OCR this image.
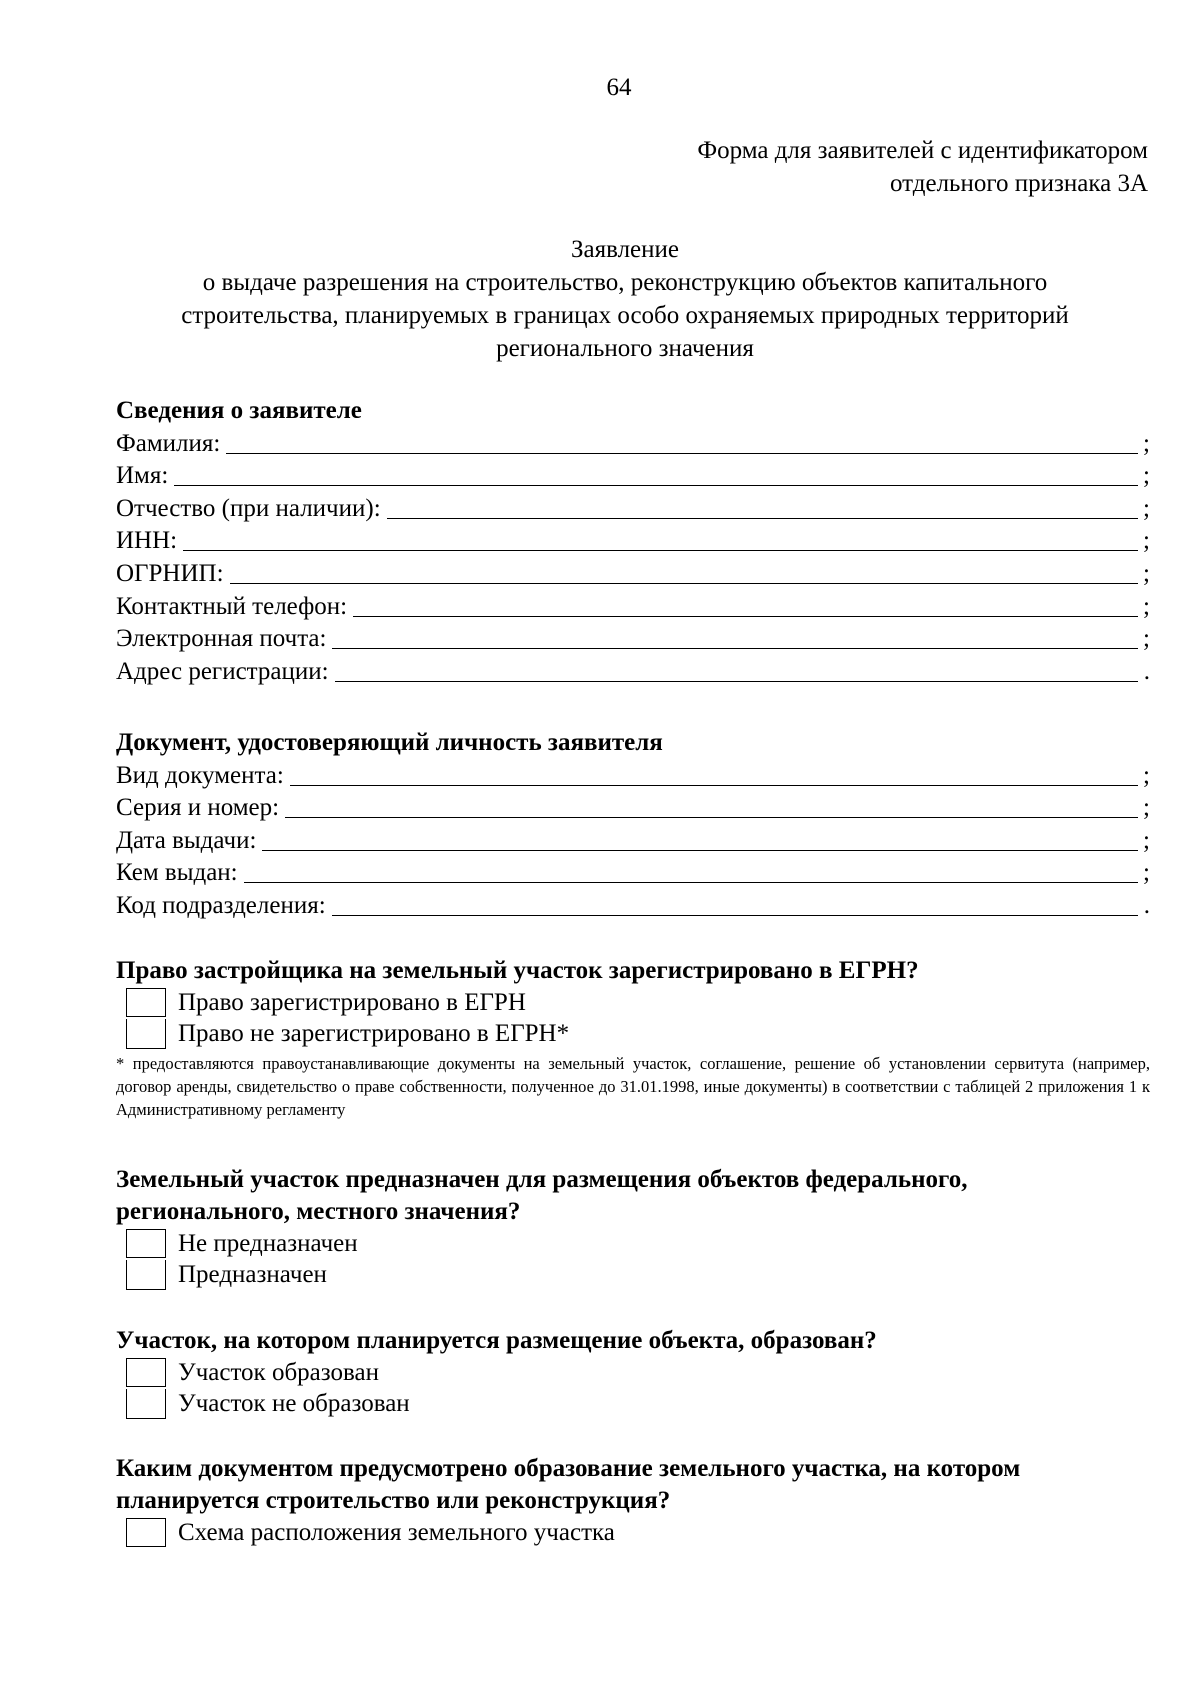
64
Форма для заявителей с идентификатором
отдельного признака 3А
Заявление
о выдаче разрешения на строительство, реконструкцию объектов капитального
строительства, планируемых в границах особо охраняемых природных территорий
регионального значения
Сведения о заявителе
Фамилия:	;
Имя:	;
Отчество (при наличии):	;
ИНН:	;
ОГРНИП:	;
Контактный телефон:	;
Электронная почта:	;
Адрес регистрации:	.
Документ, удостоверяющий личность заявителя
Вид документа:	;
Серия и номер:	;
Дата выдачи:	;
Кем выдан:	;
Код подразделения:	.
Право застройщика на земельный участок зарегистрировано в ЕГРН?
Право зарегистрировано в ЕГРН
Право не зарегистрировано в ЕГРН*
* предоставляются правоустанавливающие документы на земельный участок, соглашение, решение об установлении сервитута (например, договор аренды, свидетельство о праве собственности, полученное до 31.01.1998, иные документы) в соответствии с таблицей 2 приложения 1 к Административному регламенту
Земельный участок предназначен для размещения объектов федерального,
регионального, местного значения?
Не предназначен
Предназначен
Участок, на котором планируется размещение объекта, образован?
Участок образован
Участок не образован
Каким документом предусмотрено образование земельного участка, на котором
планируется строительство или реконструкция?
Схема расположения земельного участка
